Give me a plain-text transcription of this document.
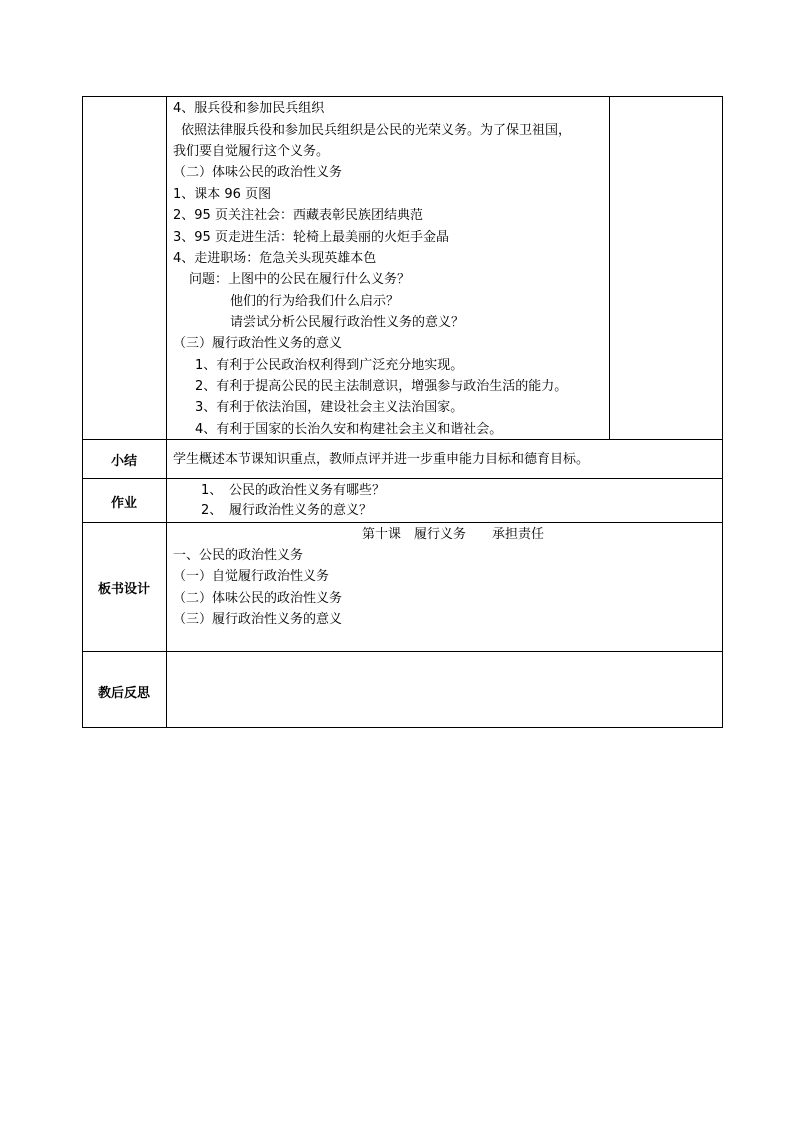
4、服兵役和参加民兵组织
依照法律服兵役和参加民兵组织是公民的光荣义务。为了保卫祖国，
我们要自觉履行这个义务。
（二）体味公民的政治性义务
1、课本 96 页图
2、95 页关注社会：西藏表彰民族团结典范
3、95 页走进生活：轮椅上最美丽的火炬手金晶
4、走进职场：危急关头现英雄本色
问题：上图中的公民在履行什么义务？
他们的行为给我们什么启示？
请尝试分析公民履行政治性义务的意义？
（三）履行政治性义务的意义
1、有利于公民政治权利得到广泛充分地实现。
2、有利于提高公民的民主法制意识，增强参与政治生活的能力。
3、有利于依法治国，建设社会主义法治国家。
4、有利于国家的长治久安和构建社会主义和谐社会。
小结	学生概述本节课知识重点，教师点评并进一步重申能力目标和德育目标。
作业
1、 公民的政治性义务有哪些？
2、 履行政治性义务的意义？
板书设计
第十课　履行义务　　承担责任
一、公民的政治性义务
（一）自觉履行政治性义务
（二）体味公民的政治性义务
（三）履行政治性义务的意义
教后反思
